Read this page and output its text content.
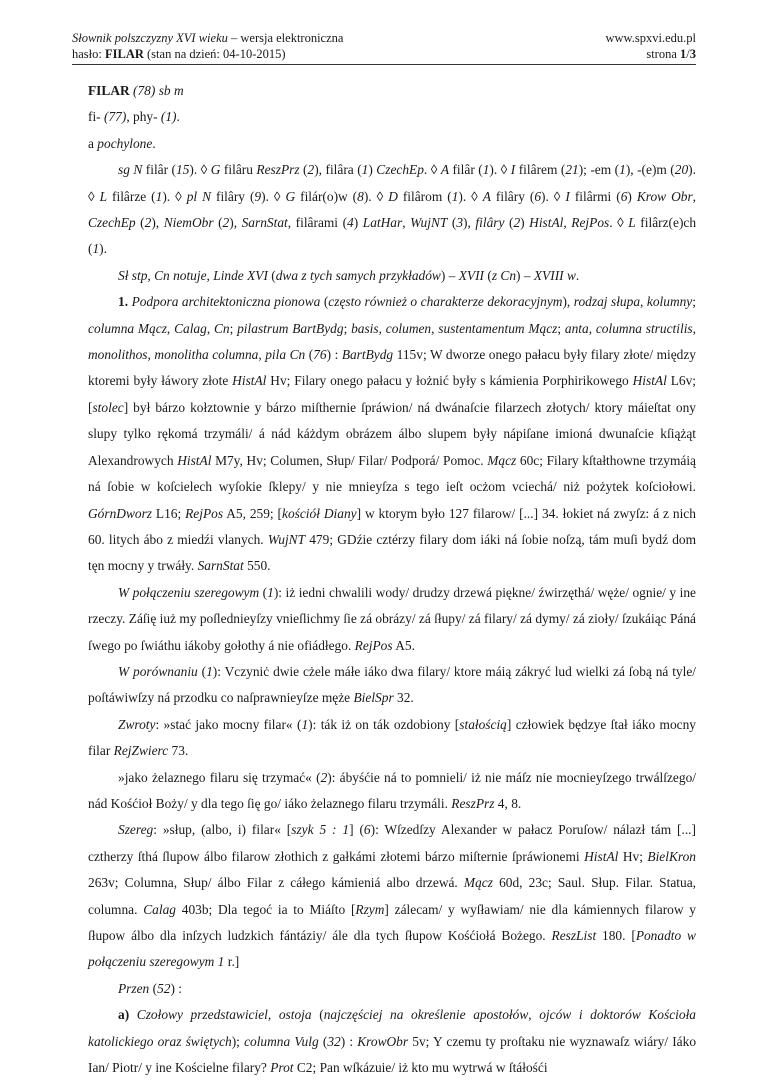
Słownik polszczyzny XVI wieku – wersja elektroniczna
hasło: FILAR (stan na dzień: 04-10-2015)
www.spxvi.edu.pl
strona 1/3

FILAR (78) sb m

fi- (77), phy- (1).

a pochylone.

sg N filâr (15). ◊ G filâru ReszPrz (2), filâra (1) CzechEp. ◊ A filâr (1). ◊ I filârem (21); -em (1), -(e)m (20). ◊ L filârze (1). ◊ pl N filâry (9). ◊ G filár(o)w (8). ◊ D filârom (1). ◊ A filâry (6). ◊ I filârmi (6) Krow Obr, CzechEp (2), NiemObr (2), SarnStat, filârami (4) LatHar, WujNT (3), filâry (2) HistAl, RejPos. ◊ L filârz(e)ch (1).

Sł stp, Cn notuje, Linde XVI (dwa z tych samych przykładów) – XVII (z Cn) – XVIII w.

1. Podpora architektoniczna pionowa (często również o charakterze dekoracyjnym), rodzaj słupa, kolumny; columna Mącz, Calag, Cn; pilastrum BartBydg; basis, columen, sustentamentum Mącz; anta, columna structilis, monolithos, monolitha columna, pila Cn (76) : BartBydg 115v; W dworze onego pałacu były filary złote/ między ktoremi były łáwory złote HistAl Hv; Filary onego pałacu y łożnić były s kámienia Porphirikowego HistAl L6v; [stolec] był bárzo kołztownie y bárzo miſthernie ſpráwion/ ná dwánaſcie filarzech złotych/ ktory máieſtat ony slupy tylko rękomá trzymáli/ á nád káżdym obrázem álbo slupem były nápiſane imioná dwunaſcie kſiążąt Alexandrowych HistAl M7y, Hv; Columen, Słup/ Filar/ Podporá/ Pomoc. Mącz 60c; Filary kſtałthowne trzymáią ná ſobie w koſcielech wyſokie ſklepy/ y nie mnieyſza s tego ieſt ocżom vciechá/ niż pożytek koſciołowi. GórnDworz L16; RejPos A5, 259; [kościół Diany] w ktorym było 127 filarow/ [...] 34. łokiet ná zwyſz: á z nich 60. litych ábo z miedźi vlanych. WujNT 479; GDźie cztérzy filary dom iáki ná ſobie noſzą, tám muſi bydź dom tęn mocny y trwáły. SarnStat 550.

W połączeniu szeregowym (1): iż iedni chwalili wody/ drudzy drzewá piękne/ źwirzęthá/ węże/ ognie/ y ine rzeczy. Záſię iuż my poſledniеyſzy vnieſlichmy ſie zá obrázy/ zá ſłupy/ zá filary/ zá dymy/ zá zioły/ ſzukáiąc Páná ſwego po ſwiáthu iákoby gołothy á nie ofiádłego. RejPos A5.

W porównaniu (1): Vczyniċ dwie cżele máłe iáko dwa filary/ ktore máią zákryć lud wielki zá ſobą ná tyle/ poſtáwiwſzy ná przodku co naſprawnieyſze męże BielSpr 32.

Zwroty: »stać jako mocny filar« (1): ták iż on ták ozdobiony [stałością] człowiek będzye ſtał iáko mocny filar RejZwierc 73.

»jako żelaznego filaru się trzymać« (2): ábyśćie ná to pomnieli/ iż nie máſz nie mocnieyſzego trwálſzego/ nád Kośćioł Boży/ y dla tego ſię go/ iáko żelaznego filaru trzymáli. ReszPrz 4, 8.

Szereg: »słup, (albo, i) filar« [szyk 5 : 1] (6): Wſzedſzy Alexander w pałacz Poruſow/ nálazł tám [...] cztherzy ſthá ſlupow álbo filarow złothich z gałkámi złotemi bárzo miſternie ſpráwionemi HistAl Hv; BielKron 263v; Columna, Słup/ álbo Filar z cáłego kámieniá albo drzewá. Mącz 60d, 23c; Saul. Słup. Filar. Statua, columna. Calag 403b; Dla tegoć ia to Miáſto [Rzym] zálecam/ y wyſławiam/ nie dla kámiennych filarow y ſłupow álbo dla inſzych ludzkich fántáziy/ ále dla tych ſłupow Kośćiołá Bożego. ReszList 180. [Ponadto w połączeniu szeregowym 1 r.]

Przen (52) :

a) Czołowy przedstawiciel, ostoja (najczęściej na określenie apostołów, ojców i doktorów Kościoła katolickiego oraz świętych); columna Vulg (32) : KrowObr 5v; Y czemu ty proſtaku nie wyznawaſz wiáry/ Iáko Ian/ Piotr/ y ine Kościelne filary? Prot C2; Pan wſkázuie/ iż kto mu wytrwá w ſtáłośći
